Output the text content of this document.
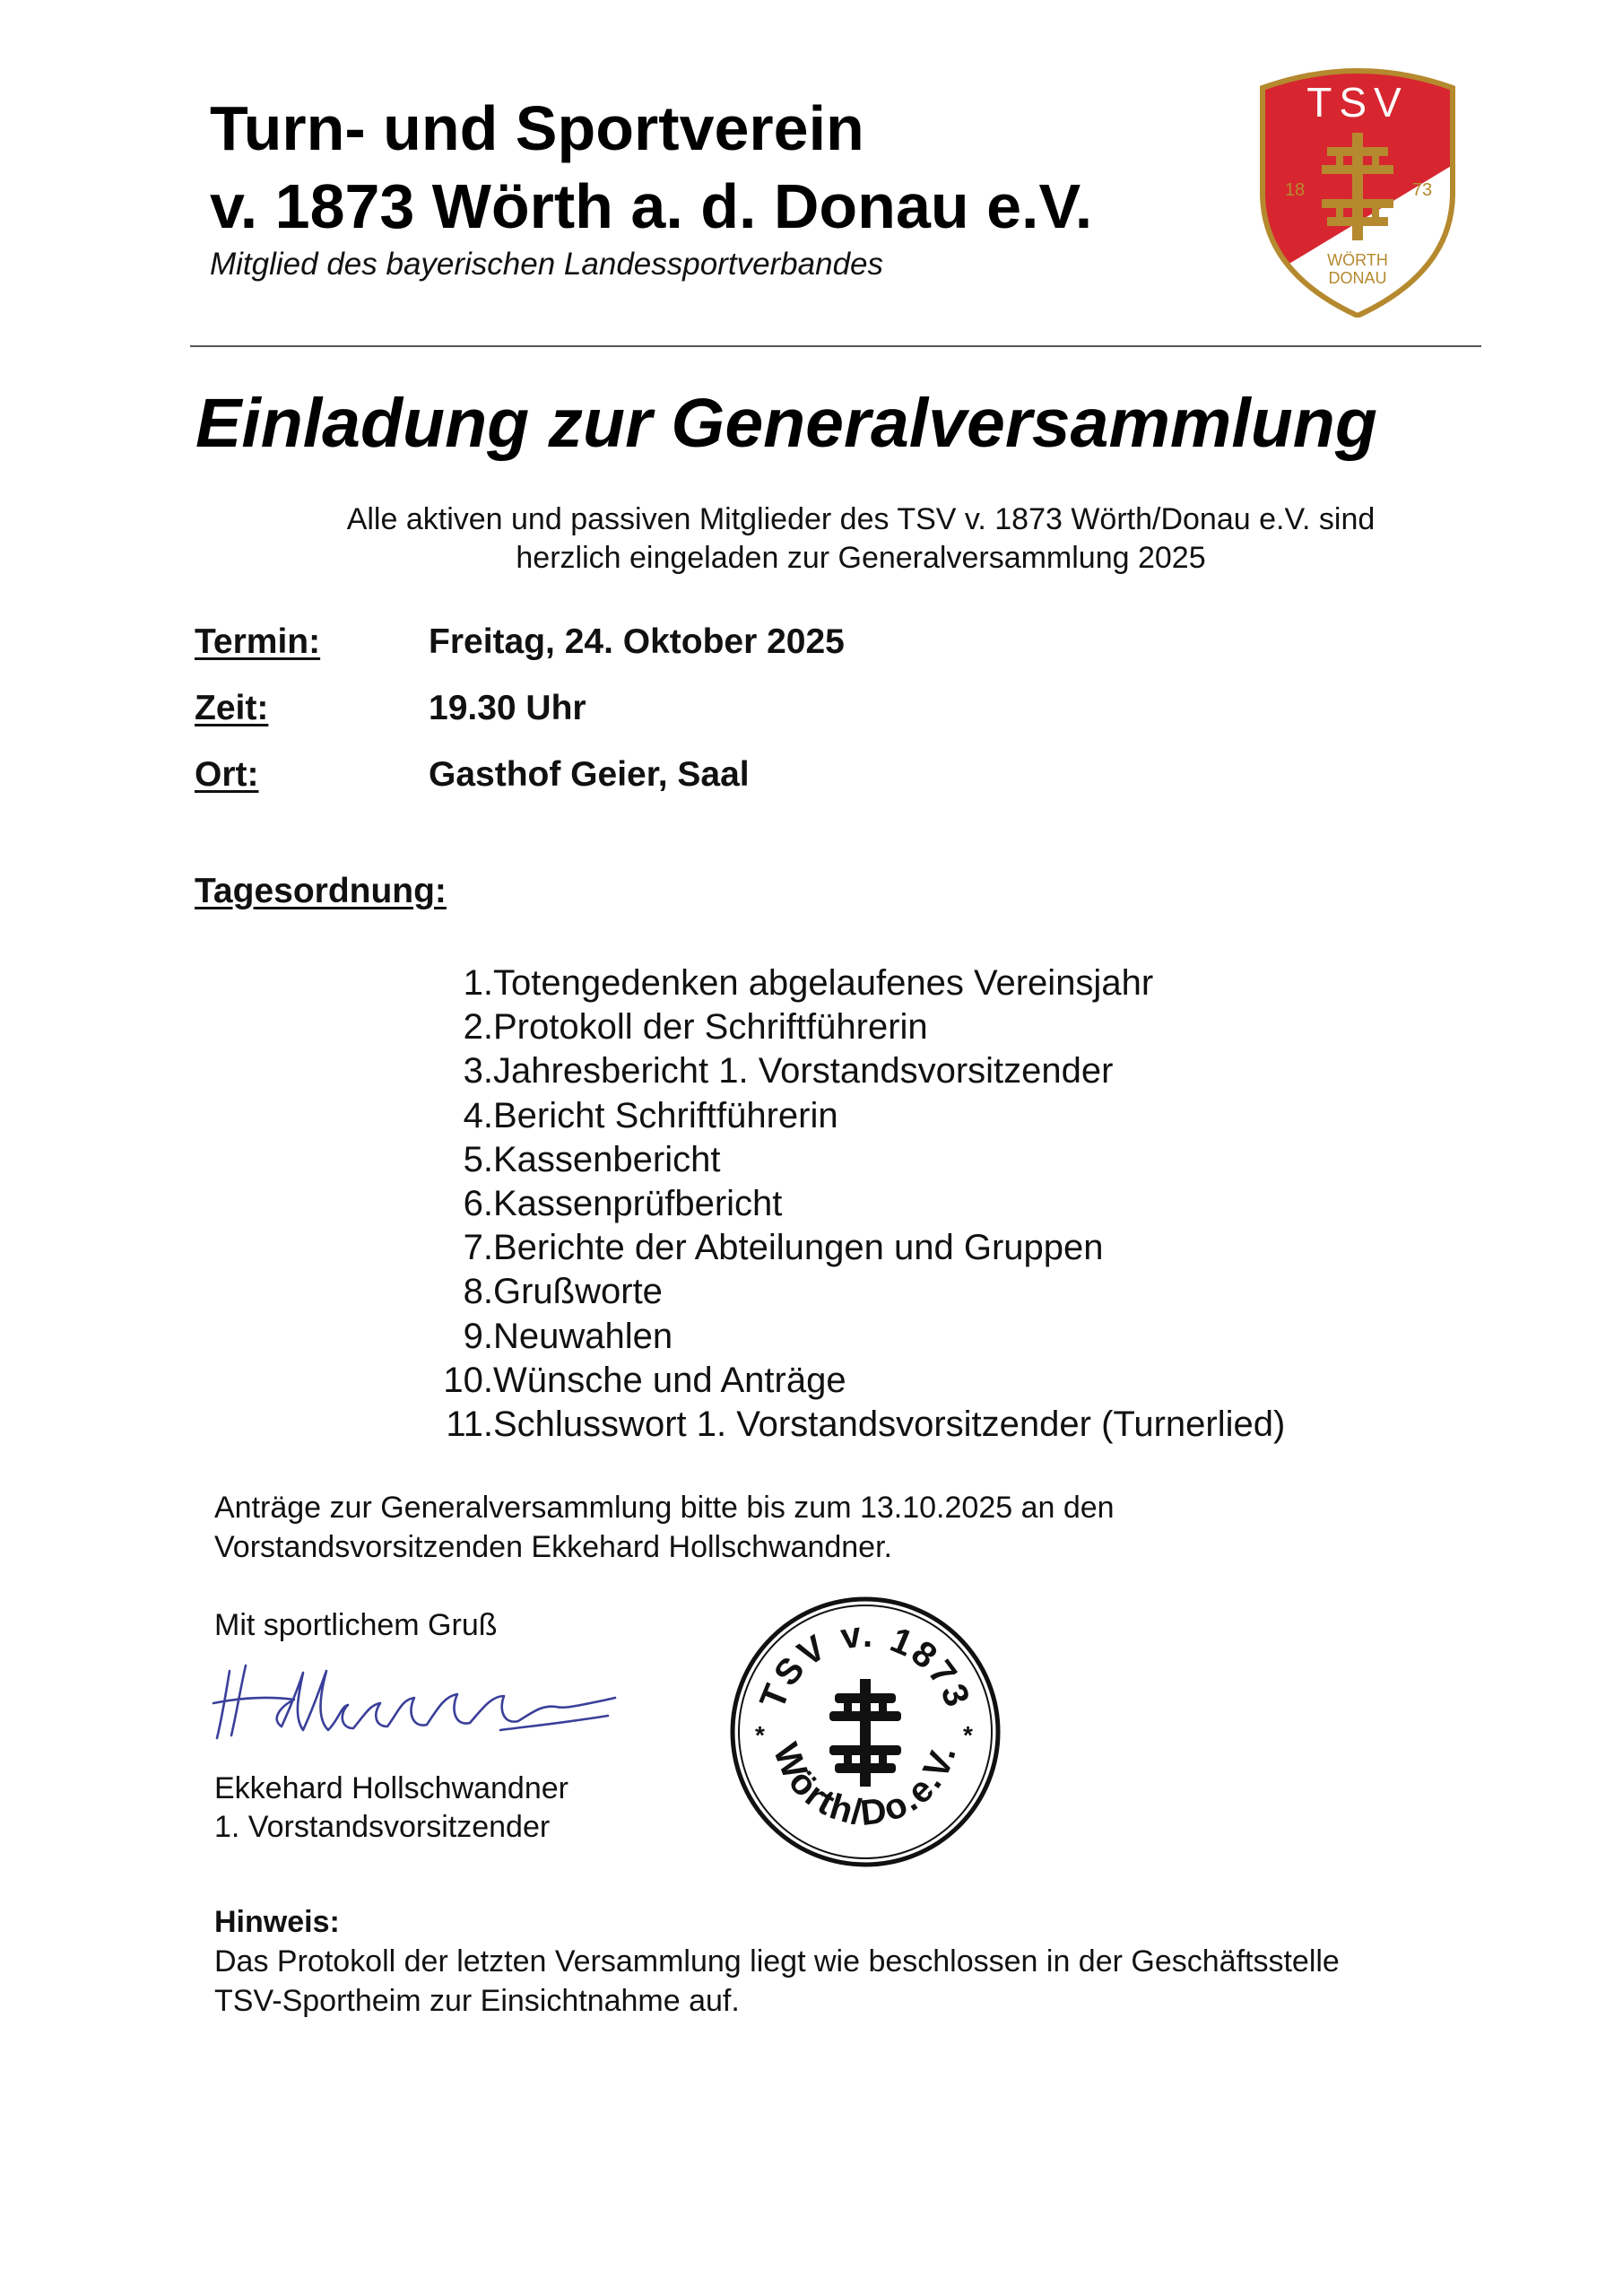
Turn- und Sportverein
v. 1873 Wörth a. d. Donau e.V.
Mitglied des bayerischen Landessportverbandes
TSV
18	73
WÖRTH
DONAU
Einladung zur Generalversammlung
Alle aktiven und passiven Mitglieder des TSV v. 1873 Wörth/Donau e.V. sind
herzlich eingeladen zur Generalversammlung 2025
Termin:	Freitag, 24. Oktober 2025
Zeit:	19.30 Uhr
Ort:	Gasthof Geier, Saal
Tagesordnung:
1. Totengedenken abgelaufenes Vereinsjahr
2. Protokoll der Schriftführerin
3. Jahresbericht 1. Vorstandsvorsitzender
4. Bericht Schriftführerin
5. Kassenbericht
6. Kassenprüfbericht
7. Berichte der Abteilungen und Gruppen
8. Grußworte
9. Neuwahlen
10. Wünsche und Anträge
11. Schlusswort 1. Vorstandsvorsitzender (Turnerlied)
Anträge zur Generalversammlung bitte bis zum 13.10.2025 an den
Vorstandsvorsitzenden Ekkehard Hollschwandner.
Mit sportlichem Gruß
Ekkehard Hollschwandner
1. Vorstandsvorsitzender
TSV v. 1873
Wörth/Do.e.V.
*	*
Hinweis:
Das Protokoll der letzten Versammlung liegt wie beschlossen in der Geschäftsstelle
TSV-Sportheim zur Einsichtnahme auf.
